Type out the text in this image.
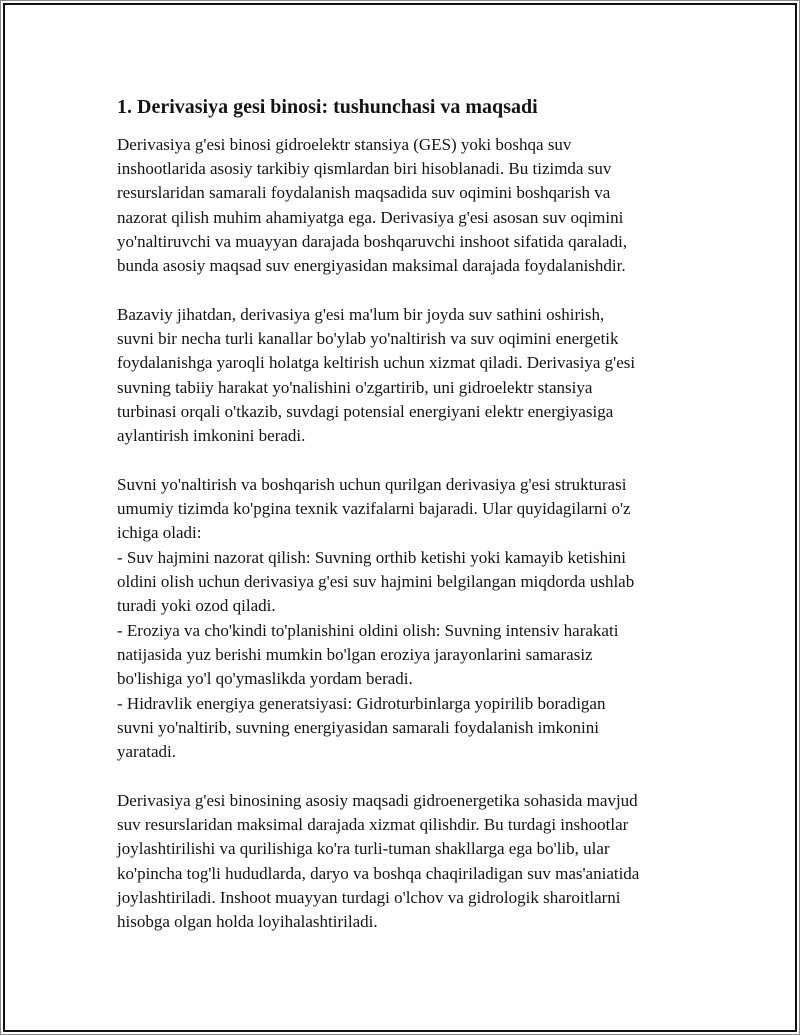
1. Derivasiya gesi binosi: tushunchasi va maqsadi
Derivasiya g'esi binosi gidroelektr stansiya (GES) yoki boshqa suv
inshootlarida asosiy tarkibiy qismlardan biri hisoblanadi. Bu tizimda suv
resurslaridan samarali foydalanish maqsadida suv oqimini boshqarish va
nazorat qilish muhim ahamiyatga ega. Derivasiya g'esi asosan suv oqimini
yo'naltiruvchi va muayyan darajada boshqaruvchi inshoot sifatida qaraladi,
bunda asosiy maqsad suv energiyasidan maksimal darajada foydalanishdir.
Bazaviy jihatdan, derivasiya g'esi ma'lum bir joyda suv sathini oshirish,
suvni bir necha turli kanallar bo'ylab yo'naltirish va suv oqimini energetik
foydalanishga yaroqli holatga keltirish uchun xizmat qiladi. Derivasiya g'esi
suvning tabiiy harakat yo'nalishini o'zgartirib, uni gidroelektr stansiya
turbinasi orqali o'tkazib, suvdagi potensial energiyani elektr energiyasiga
aylantirish imkonini beradi.
Suvni yo'naltirish va boshqarish uchun qurilgan derivasiya g'esi strukturasi
umumiy tizimda ko'pgina texnik vazifalarni bajaradi. Ular quyidagilarni o'z
ichiga oladi:
- Suv hajmini nazorat qilish: Suvning orthib ketishi yoki kamayib ketishini
oldini olish uchun derivasiya g'esi suv hajmini belgilangan miqdorda ushlab
turadi yoki ozod qiladi.
- Eroziya va cho'kindi to'planishini oldini olish: Suvning intensiv harakati
natijasida yuz berishi mumkin bo'lgan eroziya jarayonlarini samarasiz
bo'lishiga yo'l qo'ymaslikda yordam beradi.
- Hidravlik energiya generatsiyasi: Gidroturbinlarga yopirilib boradigan
suvni yo'naltirib, suvning energiyasidan samarali foydalanish imkonini
yaratadi.
Derivasiya g'esi binosining asosiy maqsadi gidroenergetika sohasida mavjud
suv resurslaridan maksimal darajada xizmat qilishdir. Bu turdagi inshootlar
joylashtirilishi va qurilishiga ko'ra turli-tuman shakllarga ega bo'lib, ular
ko'pincha tog'li hududlarda, daryo va boshqa chaqiriladigan suv mas'aniatida
joylashtiriladi. Inshoot muayyan turdagi o'lchov va gidrologik sharoitlarni
hisobga olgan holda loyihalashtiriladi.
